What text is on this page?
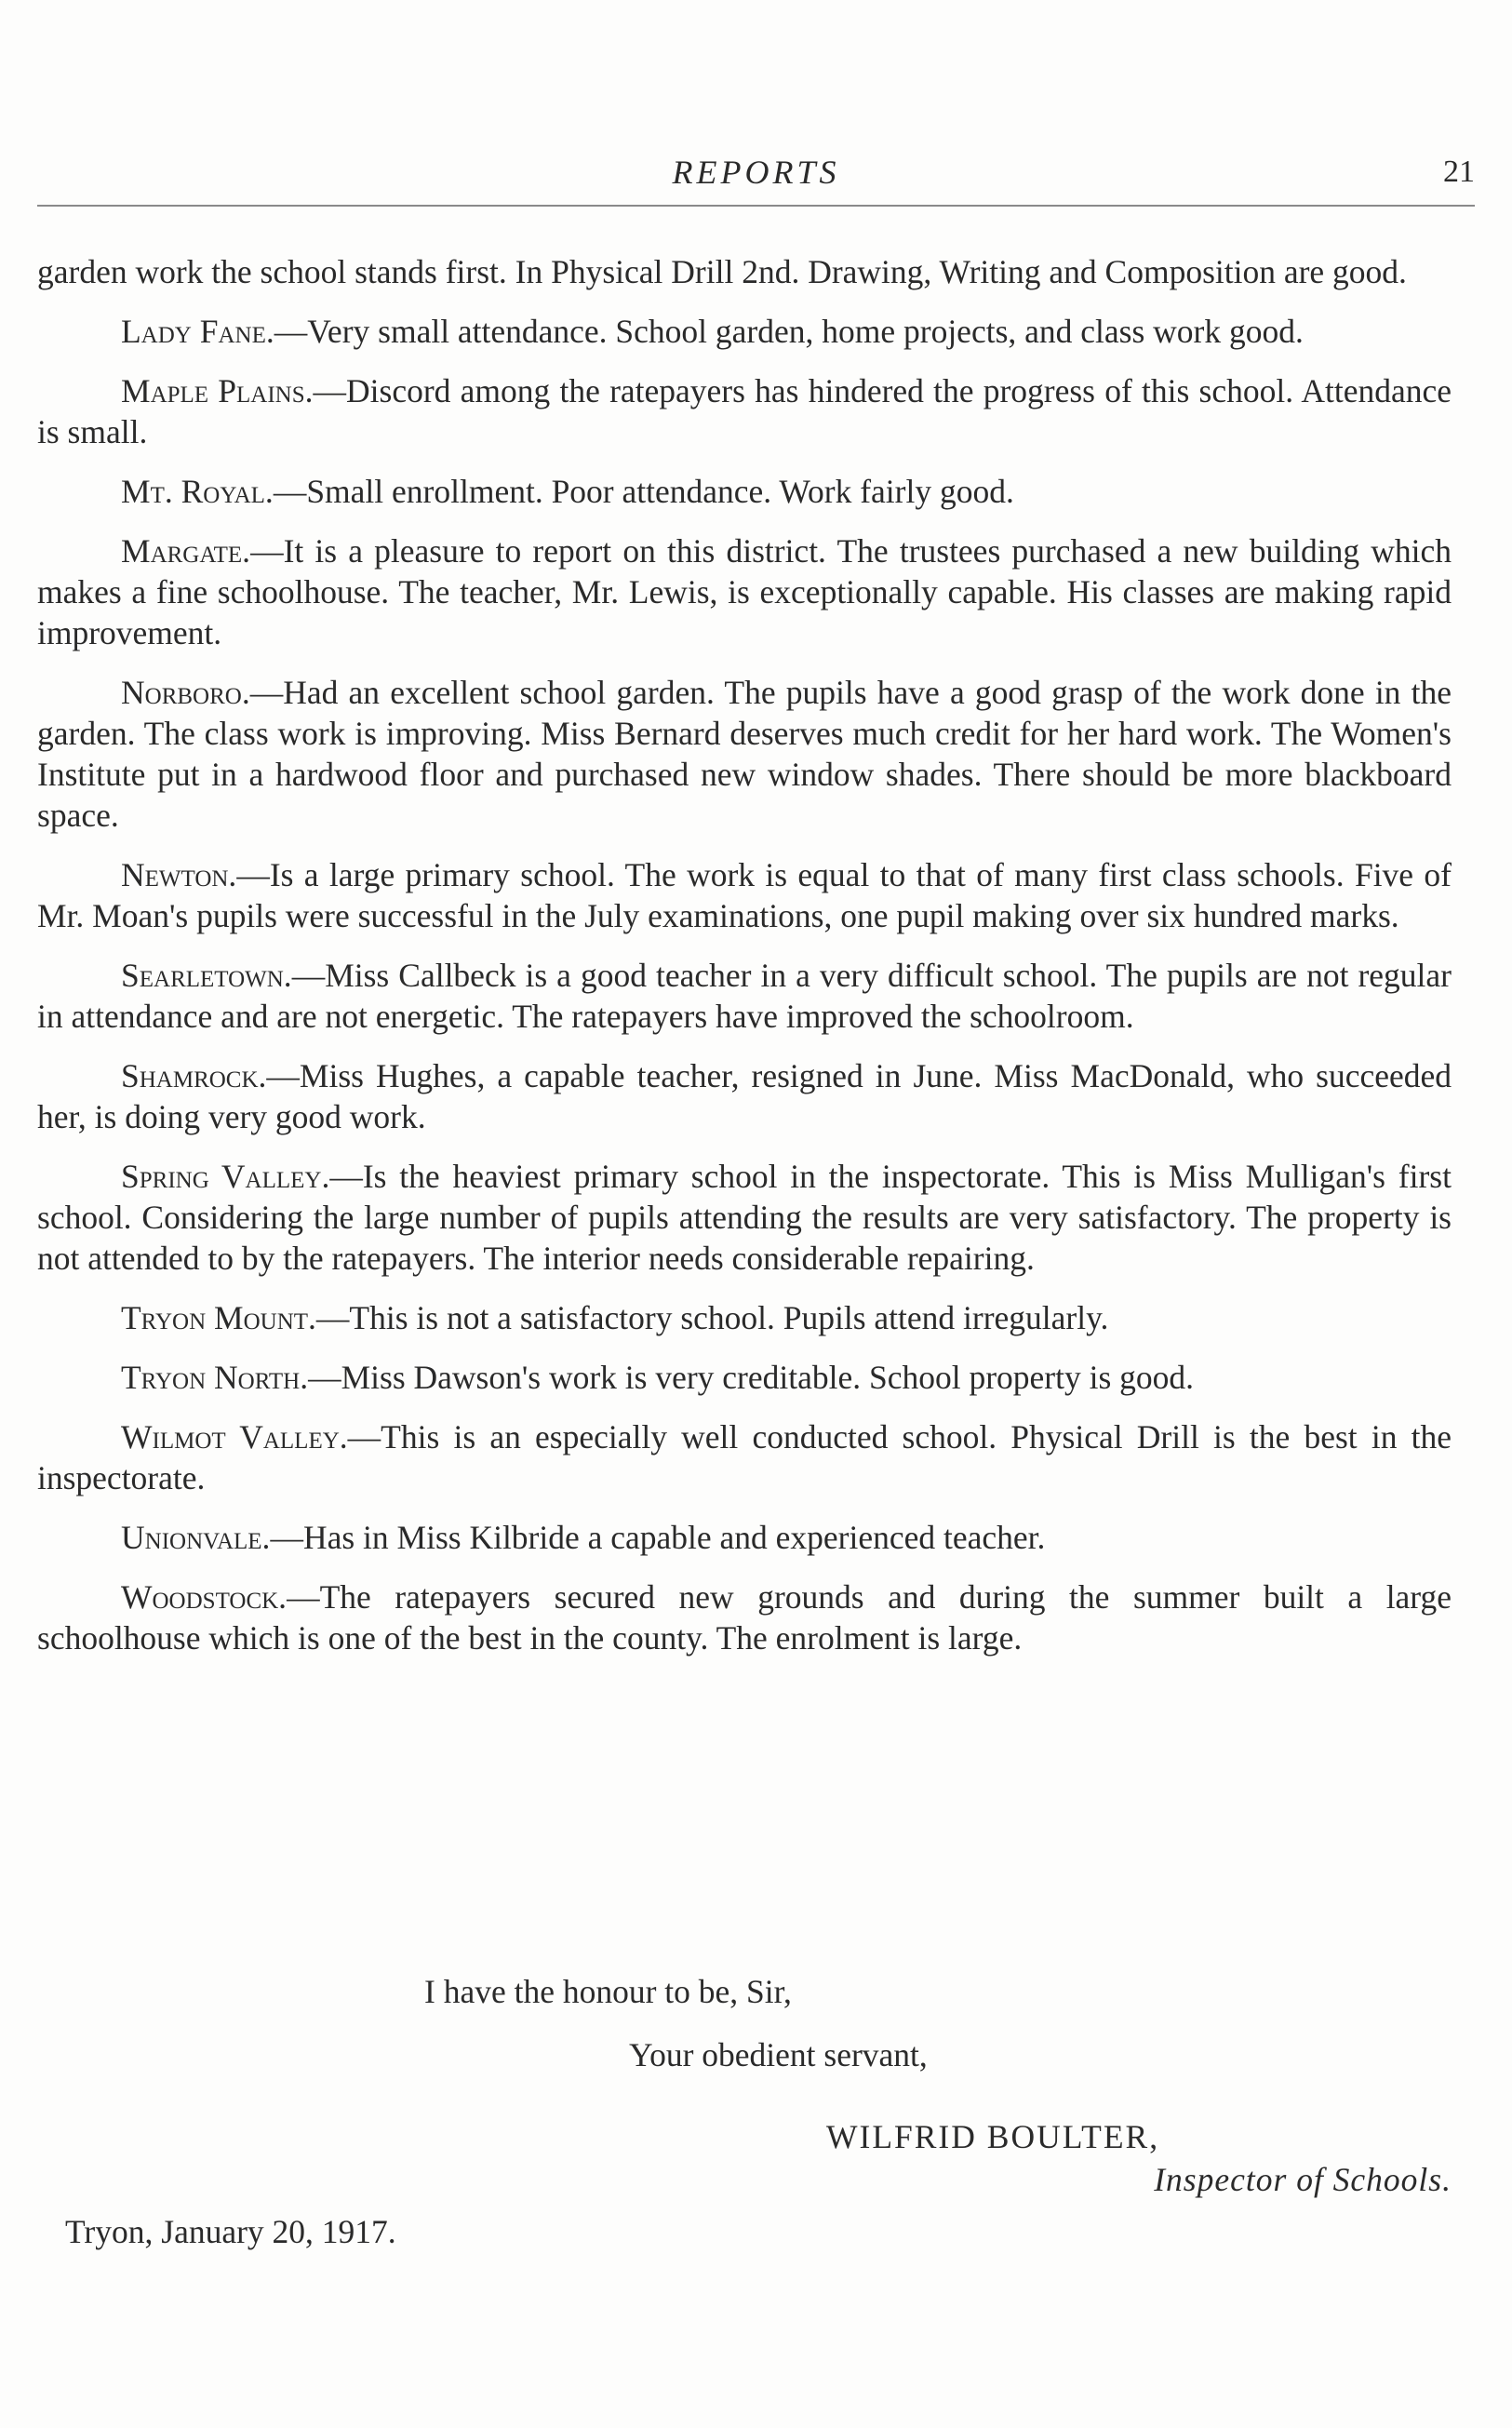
REPORTS	21

garden work the school stands first. In Physical Drill 2nd. Drawing, Writing and Composition are good.

Lady Fane.—Very small attendance. School garden, home projects, and class work good.

Maple Plains.—Discord among the ratepayers has hindered the progress of this school. Attendance is small.

Mt. Royal.—Small enrollment. Poor attendance. Work fairly good.

Margate.—It is a pleasure to report on this district. The trustees purchased a new building which makes a fine schoolhouse. The teacher, Mr. Lewis, is exceptionally capable. His classes are making rapid improvement.

Norboro.—Had an excellent school garden. The pupils have a good grasp of the work done in the garden. The class work is improving. Miss Bernard deserves much credit for her hard work. The Women's Institute put in a hardwood floor and purchased new window shades. There should be more blackboard space.

Newton.—Is a large primary school. The work is equal to that of many first class schools. Five of Mr. Moan's pupils were successful in the July examinations, one pupil making over six hundred marks.

Searletown.—Miss Callbeck is a good teacher in a very difficult school. The pupils are not regular in attendance and are not energetic. The ratepayers have improved the schoolroom.

Shamrock.—Miss Hughes, a capable teacher, resigned in June. Miss MacDonald, who succeeded her, is doing very good work.

Spring Valley.—Is the heaviest primary school in the inspectorate. This is Miss Mulligan's first school. Considering the large number of pupils attending the results are very satisfactory. The property is not attended to by the ratepayers. The interior needs considerable repairing.

Tryon Mount.—This is not a satisfactory school. Pupils attend irregularly.

Tryon North.—Miss Dawson's work is very creditable. School property is good.

Wilmot Valley.—This is an especially well conducted school. Physical Drill is the best in the inspectorate.

Unionvale.—Has in Miss Kilbride a capable and experienced teacher.

Woodstock.—The ratepayers secured new grounds and during the summer built a large schoolhouse which is one of the best in the county. The enrolment is large.

I have the honour to be, Sir,
Your obedient servant,
WILFRID BOULTER,
Inspector of Schools.
Tryon, January 20, 1917.
